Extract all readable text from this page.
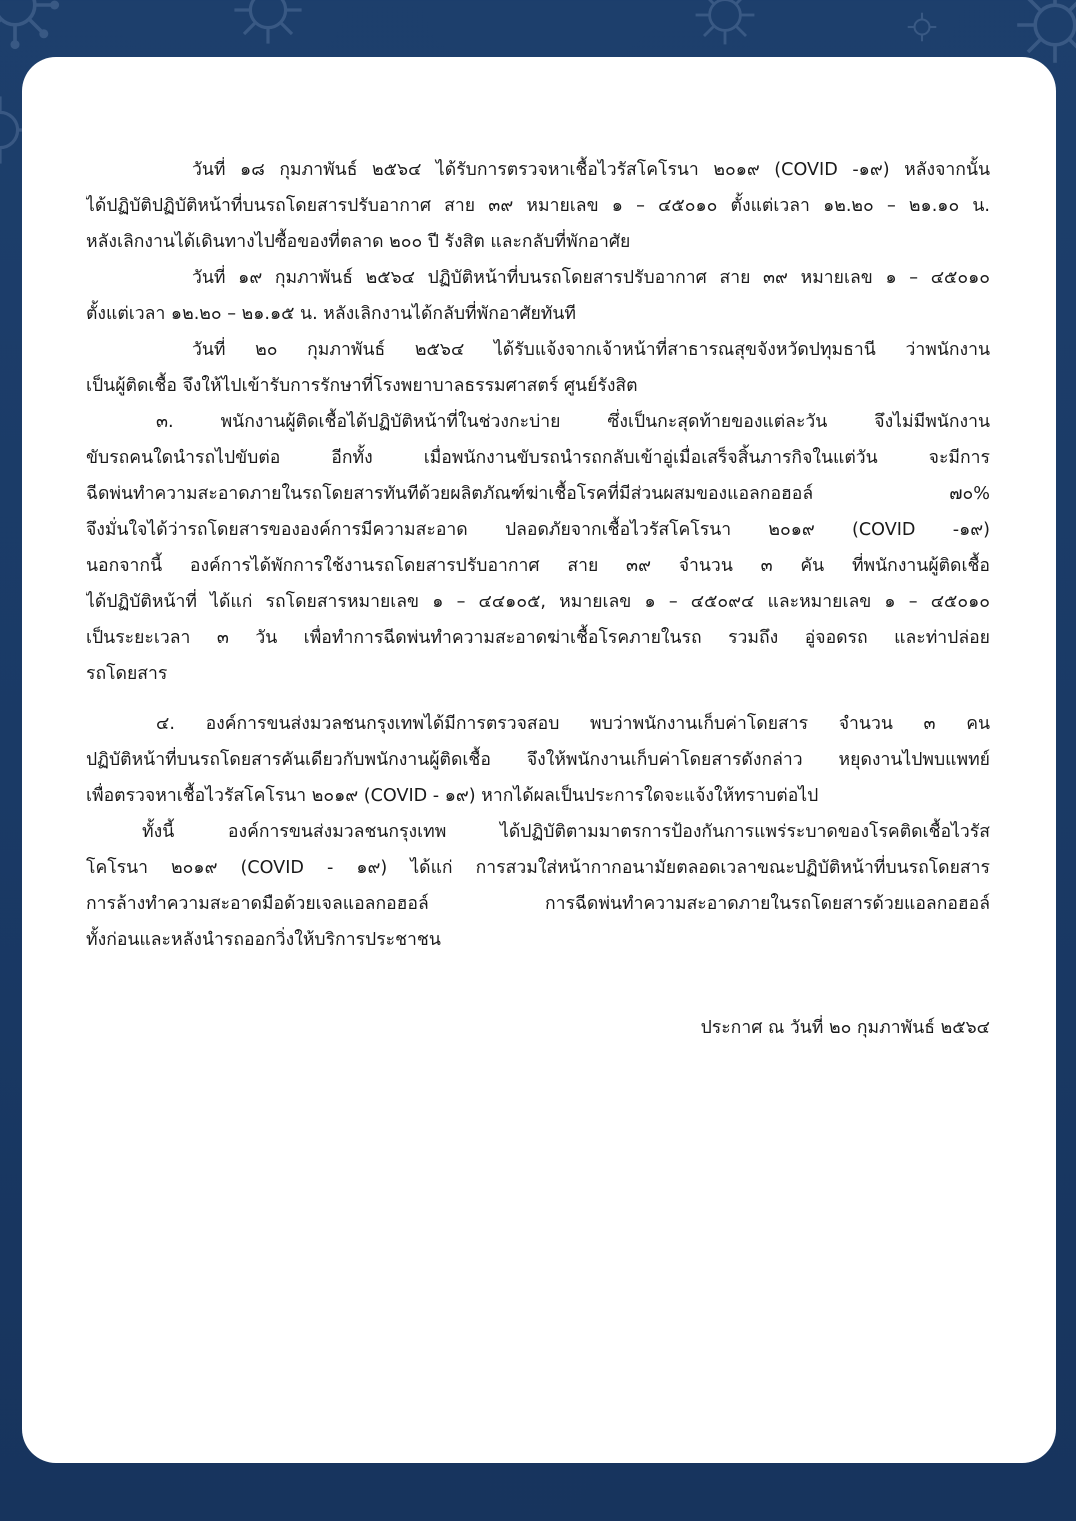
วันที่ ๑๘ กุมภาพันธ์ ๒๕๖๔ ได้รับการตรวจหาเชื้อไวรัสโคโรนา ๒๐๑๙ (COVID -๑๙) หลังจากนั้น
ได้ปฏิบัติปฏิบัติหน้าที่บนรถโดยสารปรับอากาศ สาย ๓๙ หมายเลข ๑ – ๔๕๐๑๐ ตั้งแต่เวลา ๑๒.๒๐ – ๒๑.๑๐ น.
หลังเลิกงานได้เดินทางไปซื้อของที่ตลาด ๒๐๐ ปี รังสิต และกลับที่พักอาศัย
วันที่ ๑๙ กุมภาพันธ์ ๒๕๖๔ ปฏิบัติหน้าที่บนรถโดยสารปรับอากาศ สาย ๓๙ หมายเลข ๑ – ๔๕๐๑๐
ตั้งแต่เวลา ๑๒.๒๐ – ๒๑.๑๕ น. หลังเลิกงานได้กลับที่พักอาศัยทันที
วันที่ ๒๐ กุมภาพันธ์ ๒๕๖๔ ได้รับแจ้งจากเจ้าหน้าที่สาธารณสุขจังหวัดปทุมธานี ว่าพนักงาน
เป็นผู้ติดเชื้อ จึงให้ไปเข้ารับการรักษาที่โรงพยาบาลธรรมศาสตร์ ศูนย์รังสิต
๓. พนักงานผู้ติดเชื้อได้ปฏิบัติหน้าที่ในช่วงกะบ่าย ซึ่งเป็นกะสุดท้ายของแต่ละวัน จึงไม่มีพนักงาน
ขับรถคนใดนำรถไปขับต่อ อีกทั้ง เมื่อพนักงานขับรถนำรถกลับเข้าอู่เมื่อเสร็จสิ้นภารกิจในแต่วัน จะมีการ
ฉีดพ่นทำความสะอาดภายในรถโดยสารทันทีด้วยผลิตภัณฑ์ฆ่าเชื้อโรคที่มีส่วนผสมของแอลกอฮอล์ ๗๐%
จึงมั่นใจได้ว่ารถโดยสารขององค์การมีความสะอาด ปลอดภัยจากเชื้อไวรัสโคโรนา ๒๐๑๙ (COVID -๑๙)
นอกจากนี้ องค์การได้พักการใช้งานรถโดยสารปรับอากาศ สาย ๓๙ จำนวน ๓ คัน ที่พนักงานผู้ติดเชื้อ
ได้ปฏิบัติหน้าที่ ได้แก่ รถโดยสารหมายเลข ๑ – ๔๔๑๐๕, หมายเลข ๑ – ๔๕๐๙๔ และหมายเลข ๑ – ๔๕๐๑๐
เป็นระยะเวลา ๓ วัน เพื่อทำการฉีดพ่นทำความสะอาดฆ่าเชื้อโรคภายในรถ รวมถึง อู่จอดรถ และท่าปล่อย
รถโดยสาร
๔. องค์การขนส่งมวลชนกรุงเทพได้มีการตรวจสอบ พบว่าพนักงานเก็บค่าโดยสาร จำนวน ๓ คน
ปฏิบัติหน้าที่บนรถโดยสารคันเดียวกับพนักงานผู้ติดเชื้อ จึงให้พนักงานเก็บค่าโดยสารดังกล่าว หยุดงานไปพบแพทย์
เพื่อตรวจหาเชื้อไวรัสโคโรนา ๒๐๑๙ (COVID - ๑๙) หากได้ผลเป็นประการใดจะแจ้งให้ทราบต่อไป
ทั้งนี้ องค์การขนส่งมวลชนกรุงเทพ ได้ปฏิบัติตามมาตรการป้องกันการแพร่ระบาดของโรคติดเชื้อไวรัส
โคโรนา ๒๐๑๙ (COVID - ๑๙) ได้แก่ การสวมใส่หน้ากากอนามัยตลอดเวลาขณะปฏิบัติหน้าที่บนรถโดยสาร
การล้างทำความสะอาดมือด้วยเจลแอลกอฮอล์ การฉีดพ่นทำความสะอาดภายในรถโดยสารด้วยแอลกอฮอล์
ทั้งก่อนและหลังนำรถออกวิ่งให้บริการประชาชน
ประกาศ ณ วันที่ ๒๐ กุมภาพันธ์ ๒๕๖๔
